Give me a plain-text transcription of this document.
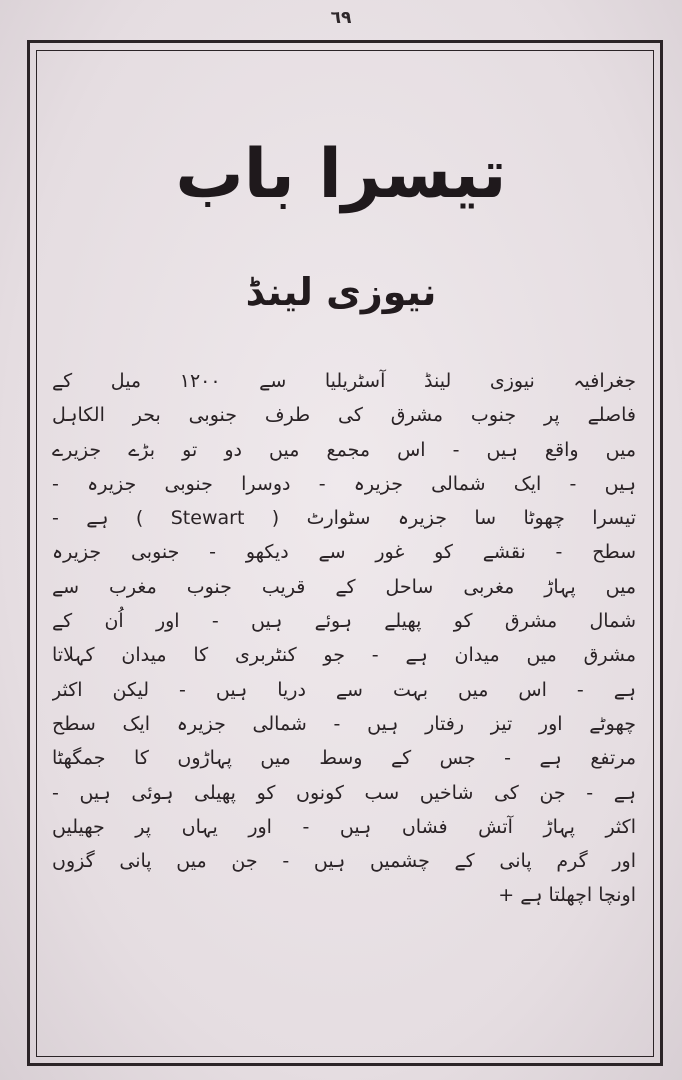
٦٩
تیسرا باب
نیوزی لینڈ
جغرافیہ نیوزی لینڈ آسٹریلیا سے ۱۲۰۰ میل کے
فاصلے پر جنوب مشرق کی طرف جنوبی بحر الکاہل
میں واقع ہیں - اس مجمع میں دو تو بڑے جزیرے
ہیں - ایک شمالی جزیرہ - دوسرا جنوبی جزیرہ -
تیسرا چھوٹا سا جزیرہ سٹوارٹ ( Stewart ) ہے -
سطح - نقشے کو غور سے دیکھو - جنوبی جزیرہ
میں پہاڑ مغربی ساحل کے قریب جنوب مغرب سے
شمال مشرق کو پھیلے ہوئے ہیں - اور اُن کے
مشرق میں میدان ہے - جو کنٹربری کا میدان کہلاتا
ہے - اس میں بہت سے دریا ہیں - لیکن اکثر
چھوٹے اور تیز رفتار ہیں - شمالی جزیرہ ایک سطح
مرتفع ہے - جس کے وسط میں پہاڑوں کا جمگھٹا
ہے - جن کی شاخیں سب کونوں کو پھیلی ہوئی ہیں -
اکثر پہاڑ آتش فشاں ہیں - اور یہاں پر جھیلیں
اور گرم پانی کے چشمیں ہیں - جن میں پانی گزوں
اونچا اچھلتا ہے +
